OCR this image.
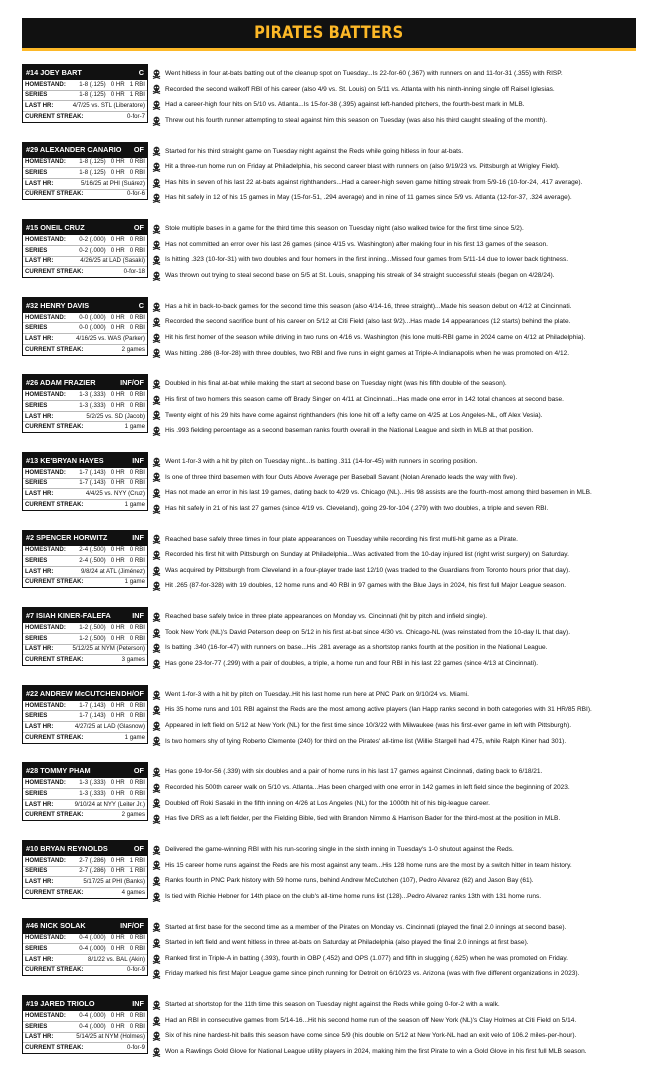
PIRATES BATTERS
#14 JOEY BART	C
HOMESTAND:	1-8 (.125)   0 HR   1 RBI
SERIES	1-8 (.125)   0 HR   1 RBI
LAST HR:	4/7/25 vs. STL (Liberatore)
CURRENT STREAK:	0-for-7
Went hitless in four at-bats batting out of the cleanup spot on Tuesday...Is 22-for-60 (.367) with runners on and 11-for-31 (.355) with RISP.
Recorded the second walkoff RBI of his career (also 4/9 vs. St. Louis) on 5/11 vs. Atlanta with his ninth-inning single off Raisel Iglesias.
Had a career-high four hits on 5/10 vs. Atlanta...Is 15-for-38 (.395) against left-handed pitchers, the fourth-best mark in MLB.
Threw out his fourth runner attempting to steal against him this season on Tuesday (was also his third caught stealing of the month).
#29 ALEXANDER CANARIO OF
HOMESTAND:	1-8 (.125)   0 HR   0 RBI
SERIES	1-8 (.125)   0 HR   0 RBI
LAST HR:	5/16/25 at PHI (Suárez)
CURRENT STREAK:	0-for-6
Started for his third straight game on Tuesday night against the Reds while going hitless in four at-bats.
Hit a three-run home run on Friday at Philadelphia, his second career blast with runners on (also 9/19/23 vs. Pittsburgh at Wrigley Field).
Has hits in seven of his last 22 at-bats against righthanders...Had a career-high seven game hitting streak from 5/9-16 (10-for-24, .417 average).
Has hit safely in 12 of his 15 games in May (15-for-51, .294 average) and in nine of 11 games since 5/9 vs. Atlanta (12-for-37, .324 average).
#15 ONEIL CRUZ	OF
HOMESTAND:	0-2 (.000)   0 HR   0 RBI
SERIES	0-2 (.000)   0 HR   0 RBI
LAST HR:	4/26/25 at LAD (Sasaki)
CURRENT STREAK:	0-for-18
Stole multiple bases in a game for the third time this season on Tuesday night (also walked twice for the first time since 5/2).
Has not committed an error over his last 26 games (since 4/15 vs. Washington) after making four in his first 13 games of the season.
Is hitting .323 (10-for-31) with two doubles and four homers in the first inning...Missed four games from 5/11-14 due to lower back tightness.
Was thrown out trying to steal second base on 5/5 at St. Louis, snapping his streak of 34 straight successful steals (began on 4/28/24).
#32 HENRY DAVIS	C
HOMESTAND:	0-0 (.000)   0 HR   0 RBI
SERIES	0-0 (.000)   0 HR   0 RBI
LAST HR:	4/16/25 vs. WAS (Parker)
CURRENT STREAK:	2 games
Has a hit in back-to-back games for the second time this season (also 4/14-16, three straight)...Made his season debut on 4/12 at Cincinnati.
Recorded the second sacrifice bunt of his career on 5/12 at Citi Field (also last 9/2)...Has made 14 appearances (12 starts) behind the plate.
Hit his first homer of the season while driving in two runs on 4/16 vs. Washington (his lone multi-RBI game in 2024 came on 4/12 at Philadelphia).
Was hitting .286 (8-for-28) with three doubles, two RBI and five runs in eight games at Triple-A Indianapolis when he was promoted on 4/12.
#26 ADAM FRAZIER	INF/OF
HOMESTAND:	1-3 (.333)   0 HR   0 RBI
SERIES	1-3 (.333)   0 HR   0 RBI
LAST HR:	5/2/25 vs. SD (Jacob)
CURRENT STREAK:	1 game
Doubled in his final at-bat while making the start at second base on Tuesday night (was his fifth double of the season).
His first of two homers this season came off Brady Singer on 4/11 at Cincinnati...Has made one error in 142 total chances at second base.
Twenty eight of his 29 hits have come against righthanders (his lone hit off a lefty came on 4/25 at Los Angeles-NL, off Alex Vesia).
His .993 fielding percentage as a second baseman ranks fourth overall in the National League and sixth in MLB at that position.
#13 KE'BRYAN HAYES	INF
HOMESTAND:	1-7 (.143)   0 HR   0 RBI
SERIES	1-7 (.143)   0 HR   0 RBI
LAST HR:	4/4/25 vs. NYY (Cruz)
CURRENT STREAK:	1 game
Went 1-for-3 with a hit by pitch on Tuesday night...Is batting .311 (14-for-45) with runners in scoring position.
Is one of three third basemen with four Outs Above Average per Baseball Savant (Nolan Arenado leads the way with five).
Has not made an error in his last 19 games, dating back to 4/29 vs. Chicago (NL)...His 98 assists are the fourth-most among third basemen in MLB.
Has hit safely in 21 of his last 27 games (since 4/19 vs. Cleveland), going 29-for-104 (.279) with two doubles, a triple and seven RBI.
#2 SPENCER HORWITZ	INF
HOMESTAND:	2-4 (.500)   0 HR   0 RBI
SERIES	2-4 (.500)   0 HR   0 RBI
LAST HR:	9/8/24 at ATL (Jiménez)
CURRENT STREAK:	1 game
Reached base safely three times in four plate appearances on Tuesday while recording his first multi-hit game as a Pirate.
Recorded his first hit with Pittsburgh on Sunday at Philadelphia...Was activated from the 10-day injured list (right wrist surgery) on Saturday.
Was acquired by Pittsburgh from Cleveland in a four-player trade last 12/10 (was traded to the Guardians from Toronto hours prior that day).
Hit .265 (87-for-328) with 19 doubles, 12 home runs and 40 RBI in 97 games with the Blue Jays in 2024, his first full Major League season.
#7 ISIAH KINER-FALEFA	INF
HOMESTAND:	1-2 (.500)   0 HR   0 RBI
SERIES	1-2 (.500)   0 HR   0 RBI
LAST HR:	5/12/25 at NYM (Peterson)
CURRENT STREAK:	3 games
Reached base safely twice in three plate appearances on Monday vs. Cincinnati (hit by pitch and infield single).
Took New York (NL)'s David Peterson deep on 5/12 in his first at-bat since 4/30 vs. Chicago-NL (was reinstated from the 10-day IL that day).
Is batting .340 (16-for-47) with runners on base...His .281 average as a shortstop ranks fourth at the position in the National League.
Has gone 23-for-77 (.299) with a pair of doubles, a triple, a home run and four RBI in his last 22 games (since 4/13 at Cincinnati).
#22 ANDREW McCUTCHEN DH/OF
HOMESTAND:	1-7 (.143)   0 HR   0 RBI
SERIES	1-7 (.143)   0 HR   0 RBI
LAST HR:	4/27/25 at LAD (Glasnow)
CURRENT STREAK:	1 game
Went 1-for-3 with a hit by pitch on Tuesday..Hit his last home run here at PNC Park on 9/10/24 vs. Miami.
His 35 home runs and 101 RBI against the Reds are the most among active players (Ian Happ ranks second in both categories with 31 HR/85 RBI).
Appeared in left field on 5/12 at New York (NL) for the first time since 10/3/22 with Milwaukee (was his first-ever game in left with Pittsburgh).
Is two homers shy of tying Roberto Clemente (240) for third on the Pirates' all-time list (Willie Stargell had 475, while Ralph Kiner had 301).
#28 TOMMY PHAM	OF
HOMESTAND:	1-3 (.333)   0 HR   0 RBI
SERIES	1-3 (.333)   0 HR   0 RBI
LAST HR:	9/10/24 at NYY (Leiter Jr.)
CURRENT STREAK:	2 games
Has gone 19-for-56 (.339) with six doubles and a pair of home runs in his last 17 games against Cincinnati, dating back to 6/18/21.
Recorded his 500th career walk on 5/10 vs. Atlanta...Has been charged with one error in 142 games in left field since the beginning of 2023.
Doubled off Roki Sasaki in the fifth inning on 4/26 at Los Angeles (NL) for the 1000th hit of his big-league career.
Has five DRS as a left fielder, per the Fielding Bible, tied with Brandon Nimmo & Harrison Bader for the third-most at the position in MLB.
#10 BRYAN REYNOLDS	OF
HOMESTAND:	2-7 (.286)   0 HR   1 RBI
SERIES	2-7 (.286)   0 HR   1 RBI
LAST HR:	5/17/25 at PHI (Banks)
CURRENT STREAK:	4 games
Delivered the game-winning RBI with his run-scoring single in the sixth inning in Tuesday's 1-0 shutout against the Reds.
His 15 career home runs against the Reds are his most against any team...His 128 home runs are the most by a switch hitter in team history.
Ranks fourth in PNC Park history with 59 home runs, behind Andrew McCutchen (107), Pedro Alvarez (62) and Jason Bay (61).
Is tied with Richie Hebner for 14th place on the club's all-time home runs list (128)...Pedro Alvarez ranks 13th with 131 home runs.
#46 NICK SOLAK	INF/OF
HOMESTAND:	0-4 (.000)   0 HR   0 RBI
SERIES	0-4 (.000)   0 HR   0 RBI
LAST HR:	8/1/22 vs. BAL (Akin)
CURRENT STREAK:	0-for-9
Started at first base for the second time as a member of the Pirates on Monday vs. Cincinnati (played the final 2.0 innings at second base).
Started in left field and went hitless in three at-bats on Saturday at Philadelphia (also played the final 2.0 innings at first base).
Ranked first in Triple-A in batting (.393), fourth in OBP (.452) and OPS (1.077) and fifth in slugging (.625) when he was promoted on Friday.
Friday marked his first Major League game since pinch running for Detroit on 6/10/23 vs. Arizona (was with five different organizations in 2023).
#19 JARED TRIOLO	INF
HOMESTAND:	0-4 (.000)   0 HR   0 RBI
SERIES	0-4 (.000)   0 HR   0 RBI
LAST HR:	5/14/25 at NYM (Holmes)
CURRENT STREAK:	0-for-9
Started at shortstop for the 11th time this season on Tuesday night against the Reds while going 0-for-2 with a walk.
Had an RBI in consecutive games from 5/14-16...Hit his second home run of the season off New York (NL)'s Clay Holmes at Citi Field on 5/14.
Six of his nine hardest-hit balls this season have come since 5/9 (his double on 5/12 at New York-NL had an exit velo of 106.2 miles-per-hour).
Won a Rawlings Gold Glove for National League utility players in 2024, making him the first Pirate to win a Gold Glove in his first full MLB season.
